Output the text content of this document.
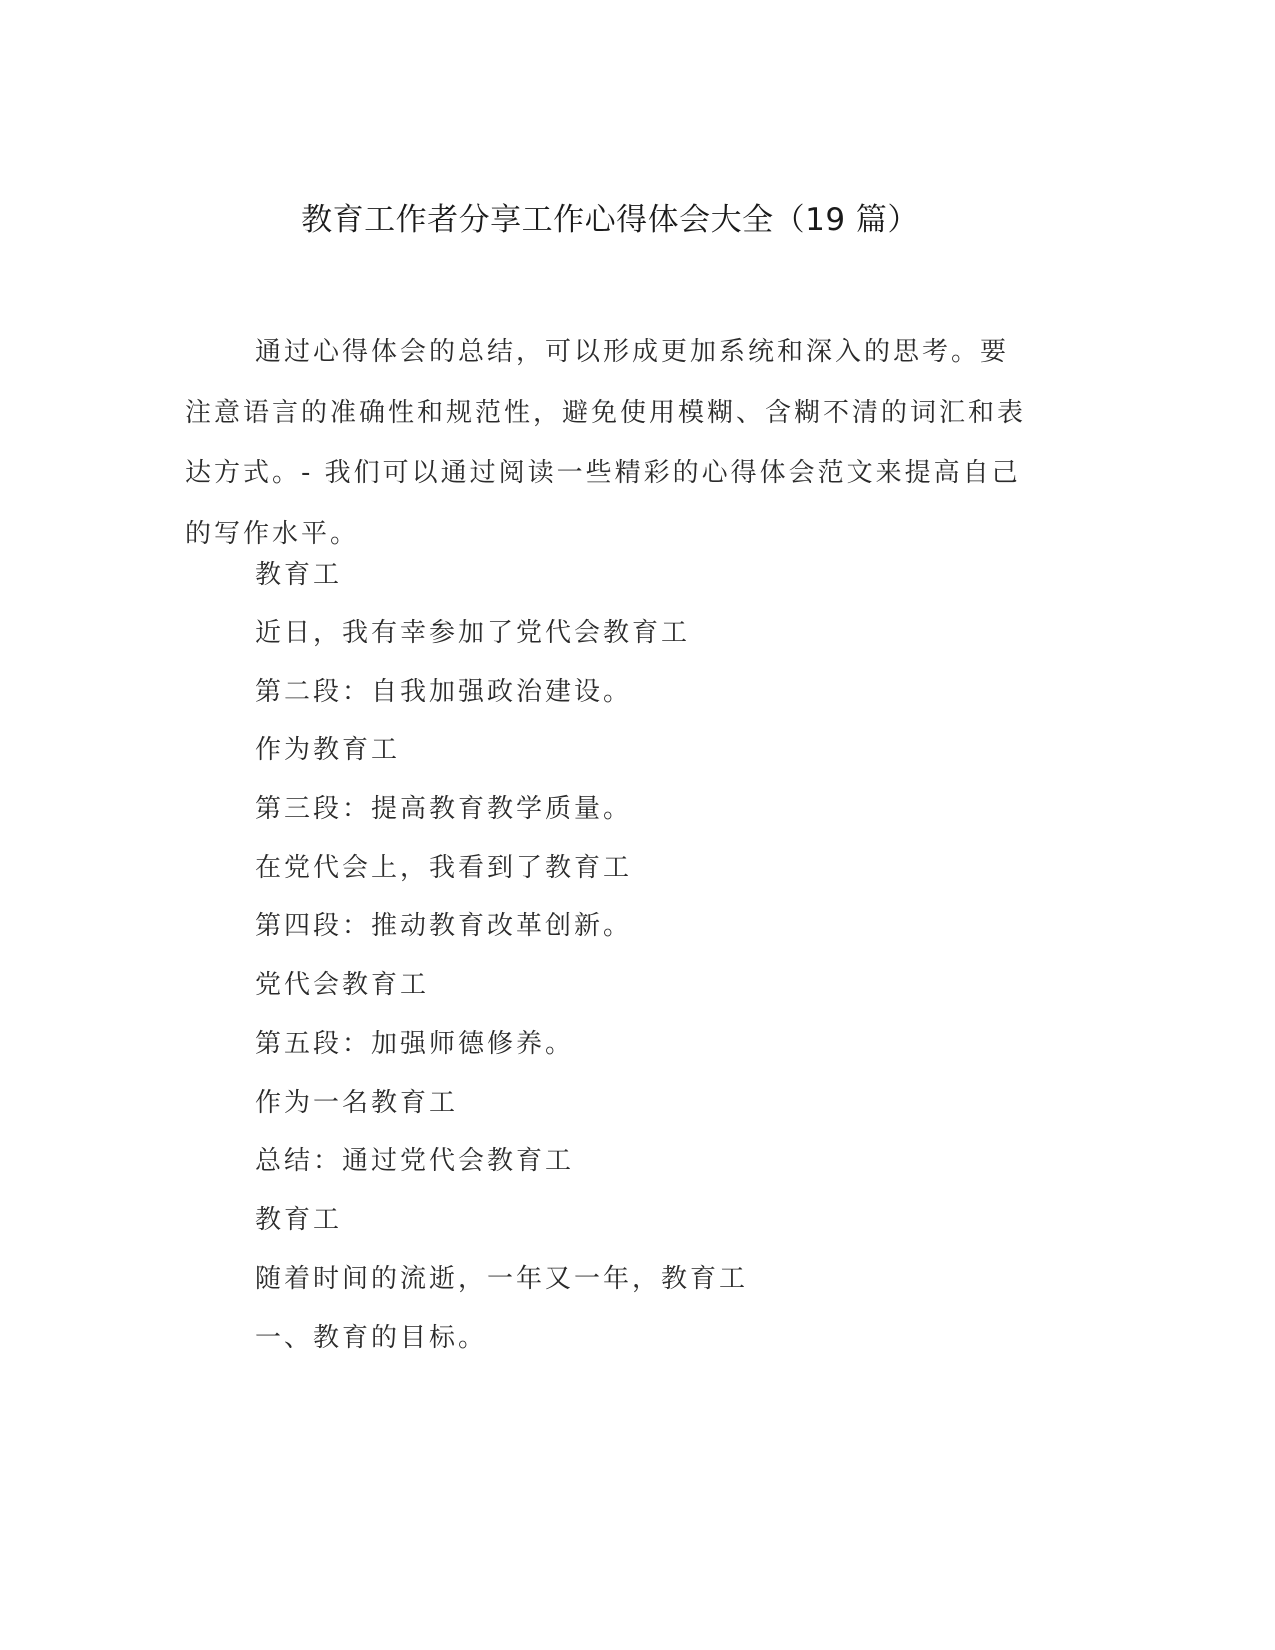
教育工作者分享工作心得体会大全（19 篇）

通过心得体会的总结，可以形成更加系统和深入的思考。要注意语言的准确性和规范性，避免使用模糊、含糊不清的词汇和表达方式。- 我们可以通过阅读一些精彩的心得体会范文来提高自己的写作水平。

教育工

近日，我有幸参加了党代会教育工

第二段：自我加强政治建设。

作为教育工

第三段：提高教育教学质量。

在党代会上，我看到了教育工

第四段：推动教育改革创新。

党代会教育工

第五段：加强师德修养。

作为一名教育工

总结：通过党代会教育工

教育工

随着时间的流逝，一年又一年，教育工

一、教育的目标。
